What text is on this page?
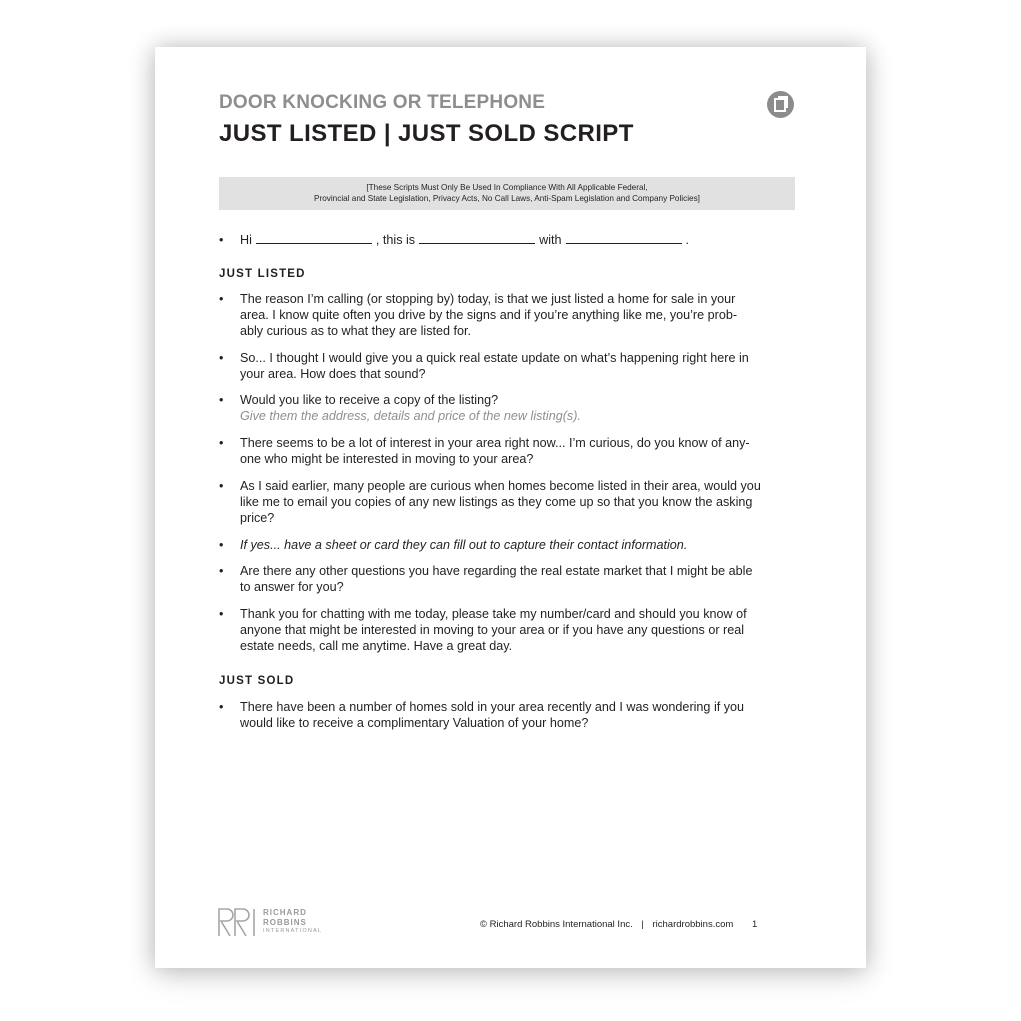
DOOR KNOCKING OR TELEPHONE
JUST LISTED | JUST SOLD SCRIPT
[These Scripts Must Only Be Used In Compliance With All Applicable Federal,
Provincial and State Legislation, Privacy Acts, No Call Laws, Anti-Spam Legislation and Company Policies]
•	Hi	, this is	with	.
JUST LISTED
•	The reason I’m calling (or stopping by) today, is that we just listed a home for sale in your
area. I know quite often you drive by the signs and if you’re anything like me, you’re prob-
ably curious as to what they are listed for.
•	So... I thought I would give you a quick real estate update on what’s happening right here in
your area. How does that sound?
•	Would you like to receive a copy of the listing?
Give them the address, details and price of the new listing(s).
•	There seems to be a lot of interest in your area right now... I’m curious, do you know of any-
one who might be interested in moving to your area?
•	As I said earlier, many people are curious when homes become listed in their area, would you
like me to email you copies of any new listings as they come up so that you know the asking
price?
•	If yes... have a sheet or card they can fill out to capture their contact information.
•	Are there any other questions you have regarding the real estate market that I might be able
to answer for you?
•	Thank you for chatting with me today, please take my number/card and should you know of
anyone that might be interested in moving to your area or if you have any questions or real
estate needs, call me anytime. Have a great day.
JUST SOLD
•	There have been a number of homes sold in your area recently and I was wondering if you
would like to receive a complimentary Valuation of your home?
RICHARD
ROBBINS
INTERNATIONAL
© Richard Robbins International Inc. | richardrobbins.com 1
